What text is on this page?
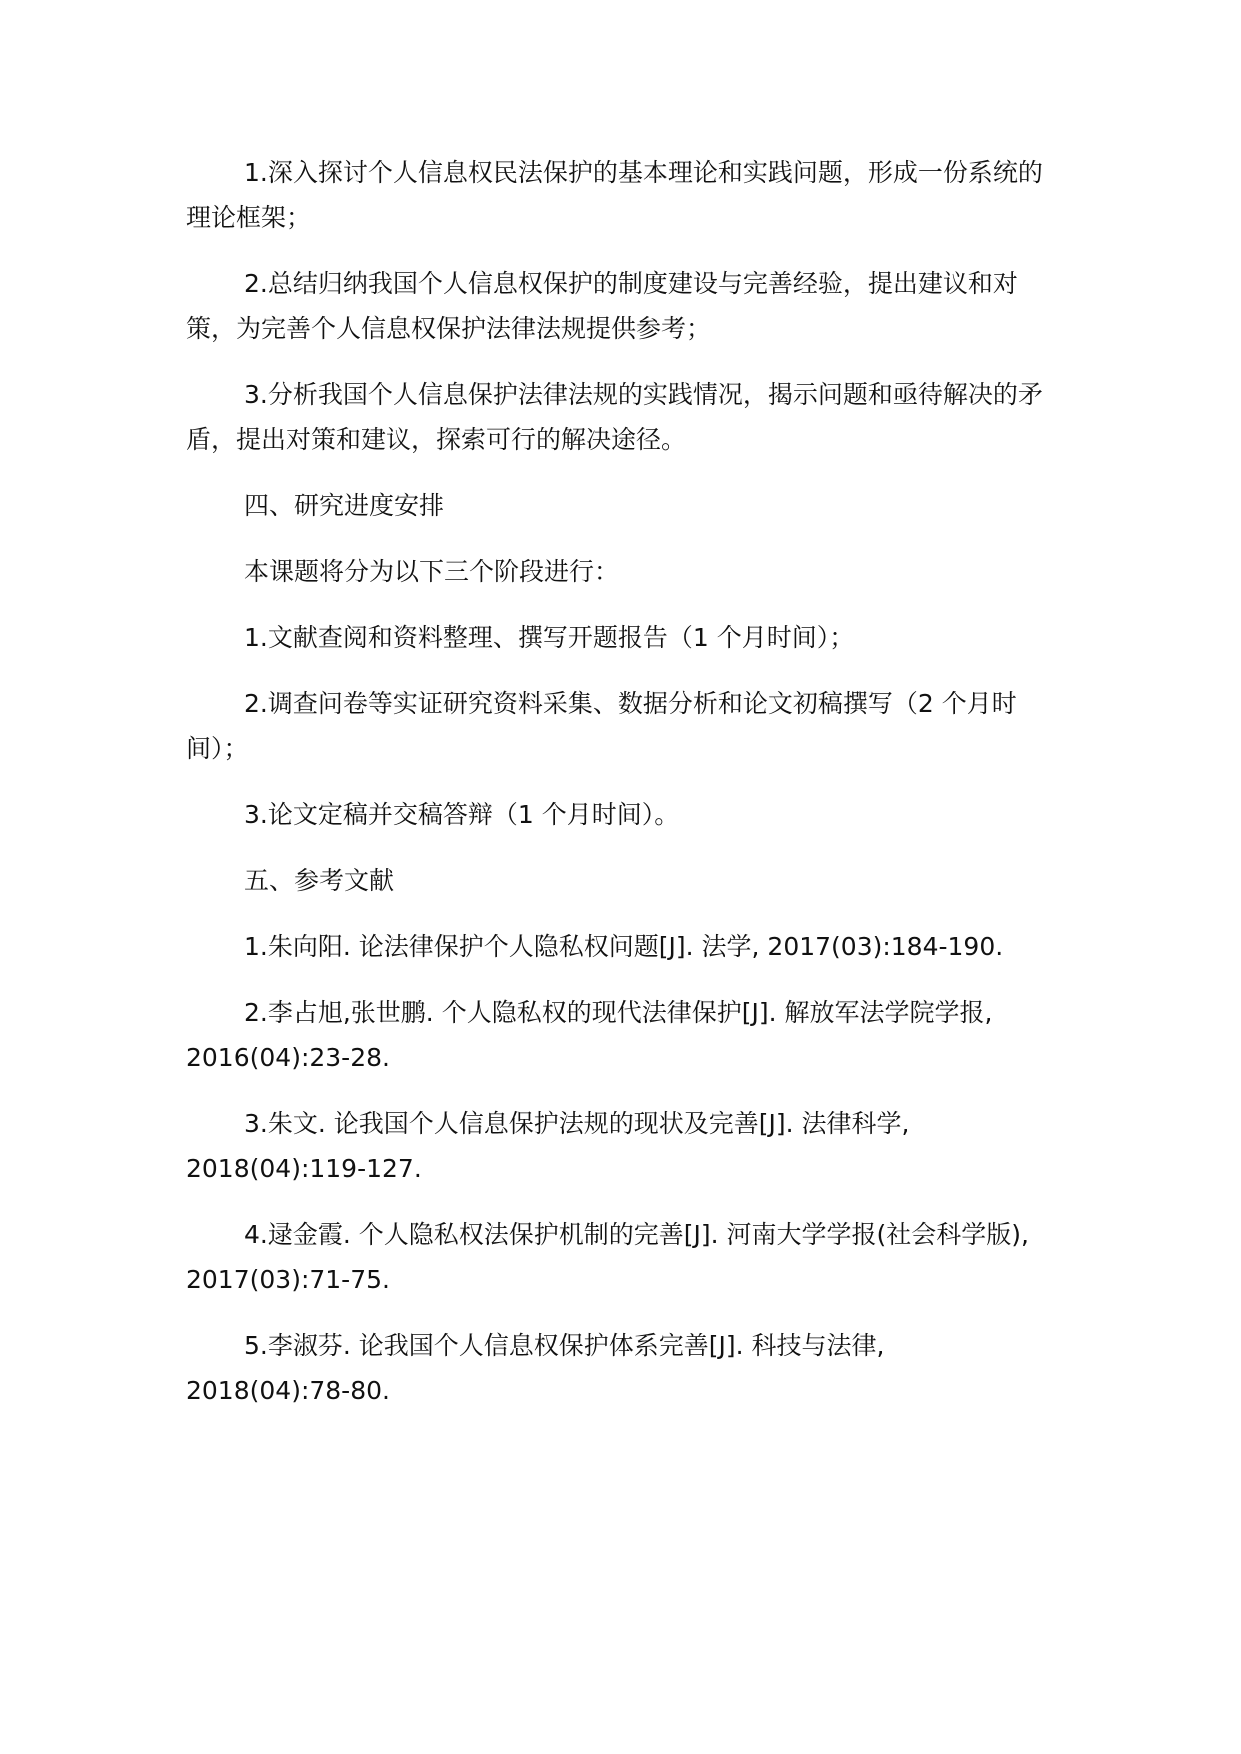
1.深入探讨个人信息权民法保护的基本理论和实践问题，形成一份系统的理论框架；

2.总结归纳我国个人信息权保护的制度建设与完善经验，提出建议和对策，为完善个人信息权保护法律法规提供参考；

3.分析我国个人信息保护法律法规的实践情况，揭示问题和亟待解决的矛盾，提出对策和建议，探索可行的解决途径。

四、研究进度安排

本课题将分为以下三个阶段进行：

1.文献查阅和资料整理、撰写开题报告（1 个月时间）；

2.调查问卷等实证研究资料采集、数据分析和论文初稿撰写（2 个月时间）；

3.论文定稿并交稿答辩（1 个月时间）。

五、参考文献

1.朱向阳. 论法律保护个人隐私权问题[J]. 法学, 2017(03):184-190.

2.李占旭,张世鹏. 个人隐私权的现代法律保护[J]. 解放军法学院学报, 2016(04):23-28.

3.朱文. 论我国个人信息保护法规的现状及完善[J]. 法律科学, 2018(04):119-127.

4.逯金霞. 个人隐私权法保护机制的完善[J]. 河南大学学报(社会科学版), 2017(03):71-75.

5.李淑芬. 论我国个人信息权保护体系完善[J]. 科技与法律, 2018(04):78-80.
